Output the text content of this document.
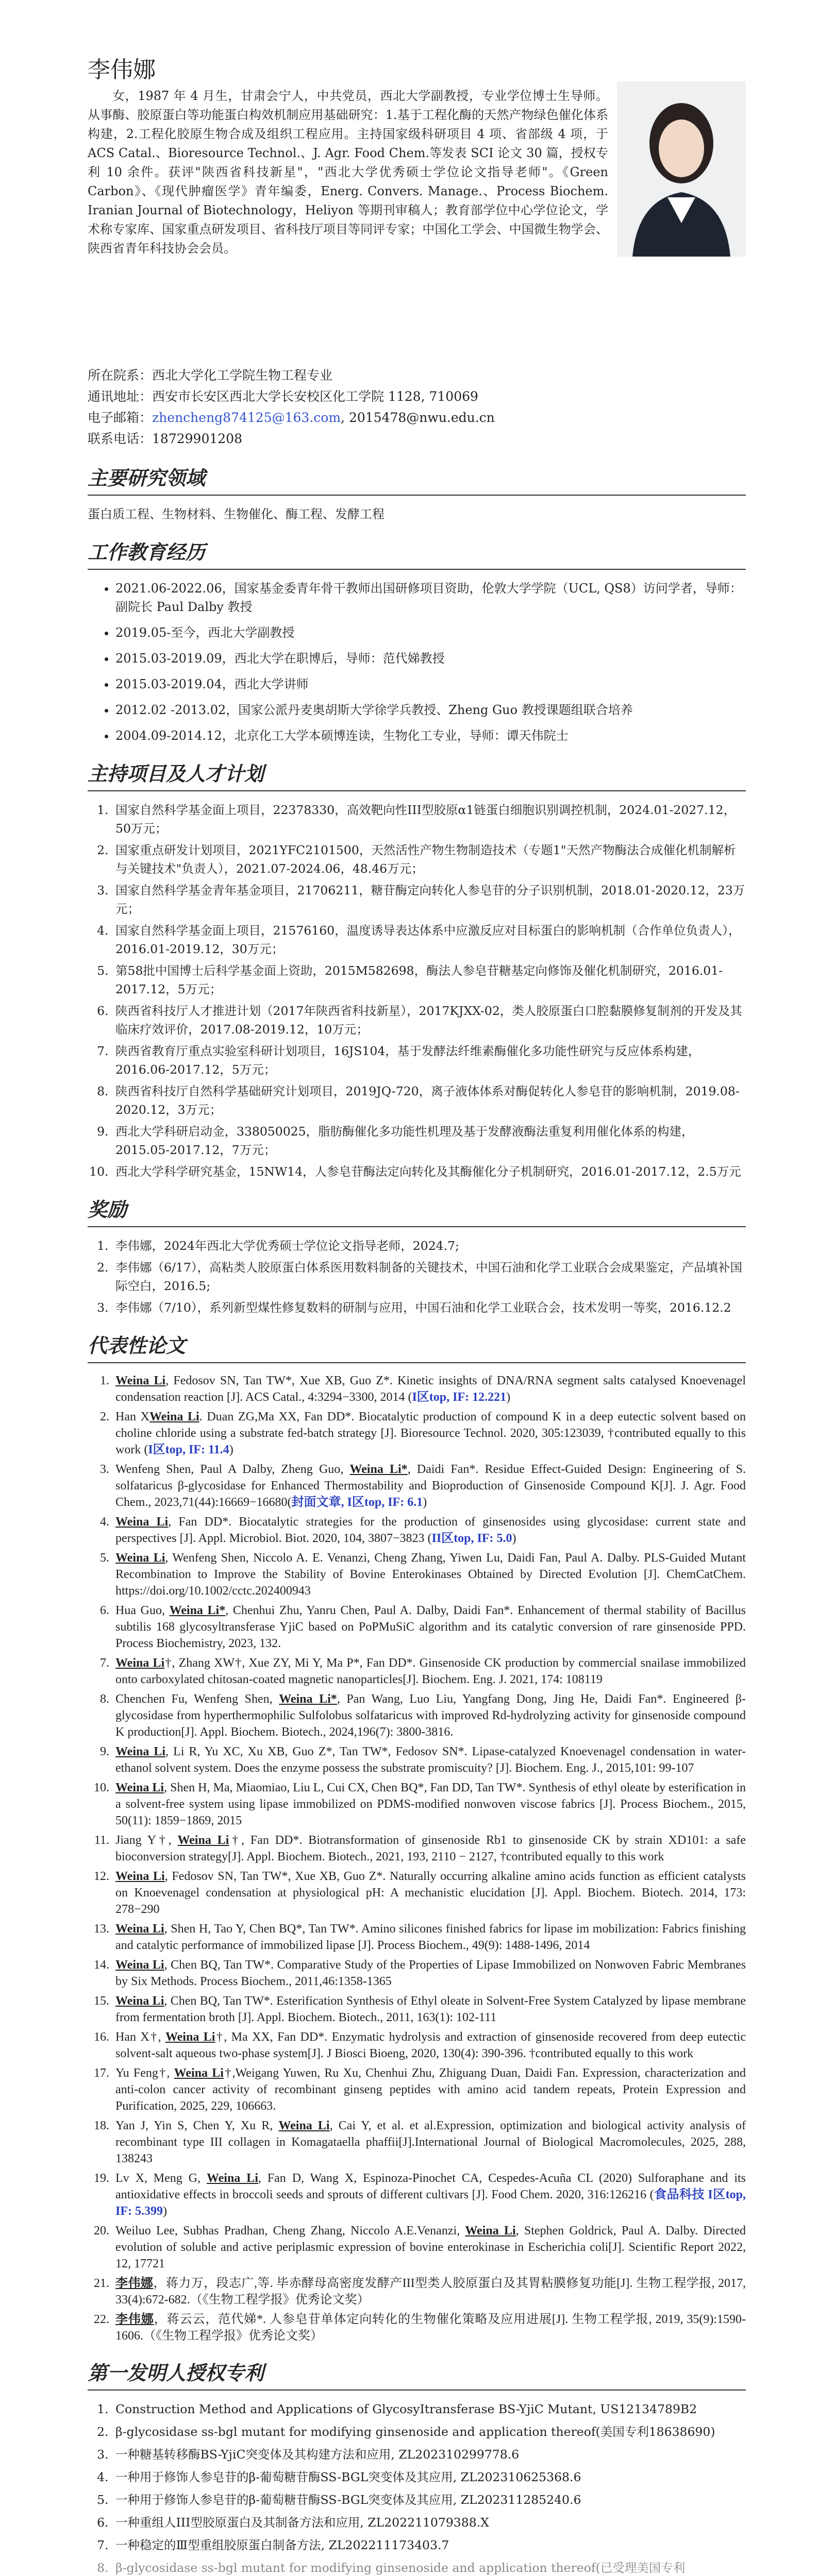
李伟娜

女，1987 年 4 月生，甘肃会宁人，中共党员，西北大学副教授，专业学位博士生导师。从事酶、胶原蛋白等功能蛋白构效机制应用基础研究：1.基于工程化酶的天然产物绿色催化体系构建，2.工程化胶原生物合成及组织工程应用。主持国家级科研项目 4 项、省部级 4 项，于 ACS Catal.、Bioresource Technol.、J. Agr. Food Chem.等发表 SCI 论文 30 篇，授权专利 10 余件。获评"陕西省科技新星"，"西北大学优秀硕士学位论文指导老师"。《Green Carbon》、《现代肿瘤医学》青年编委，Energ. Convers. Manage.、Process Biochem. Iranian Journal of Biotechnology，Heliyon 等期刊审稿人；教育部学位中心学位论文，学术称专家库、国家重点研发项目、省科技厅项目等同评专家；中国化工学会、中国微生物学会、陕西省青年科技协会会员。

所在院系：西北大学化工学院生物工程专业
通讯地址：西安市长安区西北大学长安校区化工学院 1128, 710069
电子邮箱：zhencheng874125@163.com, 2015478@nwu.edu.cn
联系电话：18729901208
主要研究领域

蛋白质工程、生物材料、生物催化、酶工程、发酵工程

工作教育经历
• 2021.06-2022.06，国家基金委青年骨干教师出国研修项目资助，伦敦大学学院（UCL, QS8）访问学者，导师：副院长 Paul Dalby 教授
• 2019.05-至今，西北大学副教授
• 2015.03-2019.09，西北大学在职博后，导师：范代娣教授
• 2015.03-2019.04，西北大学讲师
• 2012.02 -2013.02，国家公派丹麦奥胡斯大学徐学兵教授、Zheng Guo 教授课题组联合培养
• 2004.09-2014.12，北京化工大学本硕博连读，生物化工专业，导师：谭天伟院士
主持项目及人才计划
1. 国家自然科学基金面上项目，22378330，高效靶向性III型胶原α1链蛋白细胞识别调控机制，2024.01-2027.12，50万元；
2. 国家重点研发计划项目，2021YFC2101500，天然活性产物生物制造技术（专题1"天然产物酶法合成催化机制解析与关键技术"负责人），2021.07-2024.06，48.46万元；
3. 国家自然科学基金青年基金项目，21706211，糖苷酶定向转化人参皂苷的分子识别机制，2018.01-2020.12，23万元；
4. 国家自然科学基金面上项目，21576160，温度诱导表达体系中应激反应对目标蛋白的影响机制（合作单位负责人），2016.01-2019.12，30万元；
5. 第58批中国博士后科学基金面上资助，2015M582698，酶法人参皂苷糖基定向修饰及催化机制研究，2016.01-2017.12，5万元；
6. 陕西省科技厅人才推进计划（2017年陕西省科技新星），2017KJXX-02，类人胶原蛋白口腔黏膜修复制剂的开发及其临床疗效评价，2017.08-2019.12，10万元；
7. 陕西省教育厅重点实验室科研计划项目，16JS104，基于发酵法纤维素酶催化多功能性研究与反应体系构建，2016.06-2017.12，5万元；
8. 陕西省科技厅自然科学基础研究计划项目，2019JQ-720，离子液体体系对酶促转化人参皂苷的影响机制，2019.08-2020.12，3万元；
9. 西北大学科研启动金，338050025，脂肪酶催化多功能性机理及基于发酵液酶法重复利用催化体系的构建，2015.05-2017.12，7万元；
10. 西北大学科学研究基金，15NW14，人参皂苷酶法定向转化及其酶催化分子机制研究，2016.01-2017.12，2.5万元
奖励
1. 李伟娜，2024年西北大学优秀硕士学位论文指导老师，2024.7;
2. 李伟娜（6/17），高粘类人胶原蛋白体系医用数料制备的关键技术，中国石油和化学工业联合会成果鉴定，产品填补国际空白，2016.5;
3. 李伟娜（7/10），系列新型煤性修复数料的研制与应用，中国石油和化学工业联合会，技术发明一等奖，2016.12.2
代表性论文
1. Weina Li, Fedosov SN, Tan TW*, Xue XB, Guo Z*. Kinetic insights of DNA/RNA segment salts catalysed Knoevenagel condensation reaction [J]. ACS Catal., 4:3294−3300, 2014 (I区top, IF: 12.221)
2. Han XWeina Li. Duan ZG,Ma XX, Fan DD*. Biocatalytic production of compound K in a deep eutectic solvent based on choline chloride using a substrate fed-batch strategy [J]. Bioresource Technol. 2020, 305:123039, †contributed equally to this work (I区top, IF: 11.4)
3. Wenfeng Shen, Paul A Dalby, Zheng Guo, Weina Li*, Daidi Fan*. Residue Effect-Guided Design: Engineering of S. solfataricus β-glycosidase for Enhanced Thermostability and Bioproduction of Ginsenoside Compound K[J]. J. Agr. Food Chem., 2023,71(44):16669−16680(封面文章, I区top, IF: 6.1)
4. Weina Li, Fan DD*. Biocatalytic strategies for the production of ginsenosides using glycosidase: current state and perspectives [J]. Appl. Microbiol. Biot. 2020, 104, 3807−3823 (II区top, IF: 5.0)
5. Weina Li, Wenfeng Shen, Niccolo A. E. Venanzi, Cheng Zhang, Yiwen Lu, Daidi Fan, Paul A. Dalby. PLS-Guided Mutant Recombination to Improve the Stability of Bovine Enterokinases Obtained by Directed Evolution [J]. ChemCatChem. https://doi.org/10.1002/cctc.202400943
6. Hua Guo, Weina Li*, Chenhui Zhu, Yanru Chen, Paul A. Dalby, Daidi Fan*. Enhancement of thermal stability of Bacillus subtilis 168 glycosyltransferase YjiC based on PoPMuSiC algorithm and its catalytic conversion of rare ginsenoside PPD. Process Biochemistry, 2023, 132.
7. Weina Li†, Zhang XW†, Xue ZY, Mi Y, Ma P*, Fan DD*. Ginsenoside CK production by commercial snailase immobilized onto carboxylated chitosan-coated magnetic nanoparticles[J]. Biochem. Eng. J. 2021, 174: 108119
8. Chenchen Fu, Wenfeng Shen, Weina Li*, Pan Wang, Luo Liu, Yangfang Dong, Jing He, Daidi Fan*. Engineered β-glycosidase from hyperthermophilic Sulfolobus solfataricus with improved Rd-hydrolyzing activity for ginsenoside compound K production[J]. Appl. Biochem. Biotech., 2024,196(7): 3800-3816.
9. Weina Li, Li R, Yu XC, Xu XB, Guo Z*, Tan TW*, Fedosov SN*. Lipase-catalyzed Knoevenagel condensation in water-ethanol solvent system. Does the enzyme possess the substrate promiscuity? [J]. Biochem. Eng. J., 2015,101: 99-107
10. Weina Li, Shen H, Ma, Miaomiao, Liu L, Cui CX, Chen BQ*, Fan DD, Tan TW*. Synthesis of ethyl oleate by esterification in a solvent-free system using lipase immobilized on PDMS-modified nonwoven viscose fabrics [J]. Process Biochem., 2015, 50(11): 1859−1869, 2015
11. Jiang Y†, Weina Li†, Fan DD*. Biotransformation of ginsenoside Rb1 to ginsenoside CK by strain XD101: a safe bioconversion strategy[J]. Appl. Biochem. Biotech., 2021, 193, 2110 − 2127, †contributed equally to this work
12. Weina Li, Fedosov SN, Tan TW*, Xue XB, Guo Z*. Naturally occurring alkaline amino acids function as efficient catalysts on Knoevenagel condensation at physiological pH: A mechanistic elucidation [J]. Appl. Biochem. Biotech. 2014, 173: 278−290
13. Weina Li, Shen H, Tao Y, Chen BQ*, Tan TW*. Amino silicones finished fabrics for lipase im mobilization: Fabrics finishing and catalytic performance of immobilized lipase [J]. Process Biochem., 49(9): 1488-1496, 2014
14. Weina Li, Chen BQ, Tan TW*. Comparative Study of the Properties of Lipase Immobilized on Nonwoven Fabric Membranes by Six Methods. Process Biochem., 2011,46:1358-1365
15. Weina Li, Chen BQ, Tan TW*. Esterification Synthesis of Ethyl oleate in Solvent-Free System Catalyzed by lipase membrane from fermentation broth [J]. Appl. Biochem. Biotech., 2011, 163(1): 102-111
16. Han X†, Weina Li†, Ma XX, Fan DD*. Enzymatic hydrolysis and extraction of ginsenoside recovered from deep eutectic solvent-salt aqueous two-phase system[J]. J Biosci Bioeng, 2020, 130(4): 390-396. †contributed equally to this work
17. Yu Feng†, Weina Li†,Weigang Yuwen, Ru Xu, Chenhui Zhu, Zhiguang Duan, Daidi Fan. Expression, characterization and anti-colon cancer activity of recombinant ginseng peptides with amino acid tandem repeats, Protein Expression and Purification, 2025, 229, 106663.
18. Yan J, Yin S, Chen Y, Xu R, Weina Li, Cai Y, et al. et al.Expression, optimization and biological activity analysis of recombinant type III collagen in Komagataella phaffii[J].International Journal of Biological Macromolecules, 2025, 288, 138243
19. Lv X, Meng G, Weina Li, Fan D, Wang X, Espinoza-Pinochet CA, Cespedes-Acuña CL (2020) Sulforaphane and its antioxidative effects in broccoli seeds and sprouts of different cultivars [J]. Food Chem. 2020, 316:126216 (食品科技 I区top, IF: 5.399)
20. Weiluo Lee, Subhas Pradhan, Cheng Zhang, Niccolo A.E.Venanzi, Weina Li, Stephen Goldrick, Paul A. Dalby. Directed evolution of soluble and active periplasmic expression of bovine enterokinase in Escherichia coli[J]. Scientific Report 2022, 12, 17721
21. 李伟娜，蒋力万，段志广,等. 毕赤酵母高密度发酵产III型类人胶原蛋白及其胃粘膜修复功能[J]. 生物工程学报, 2017, 33(4):672-682.（《生物工程学报》优秀论文奖）
22. 李伟娜，蒋云云，范代娣*. 人参皂苷单体定向转化的生物催化策略及应用进展[J]. 生物工程学报, 2019, 35(9):1590-1606.（《生物工程学报》优秀论文奖）
第一发明人授权专利
1. Construction Method and Applications of GlycosyItransferase BS-YjiC Mutant, US12134789B2
2. β-glycosidase ss-bgl mutant for modifying ginsenoside and application thereof(美国专利18638690)
3. 一种糖基转移酶BS-YjiC突变体及其构建方法和应用, ZL202310299778.6
4. 一种用于修饰人参皂苷的β-葡萄糖苷酶SS-BGL突变体及其应用, ZL202310625368.6
5. 一种用于修饰人参皂苷的β-葡萄糖苷酶SS-BGL突变体及其应用, ZL202311285240.6
6. 一种重组人III型胶原蛋白及其制备方法和应用, ZL202211079388.X
7. 一种稳定的Ⅲ型重组胶原蛋白制备方法, ZL202211173403.7
8. β-glycosidase ss-bgl mutant for modifying ginsenoside and application thereof(已受理美国专利
